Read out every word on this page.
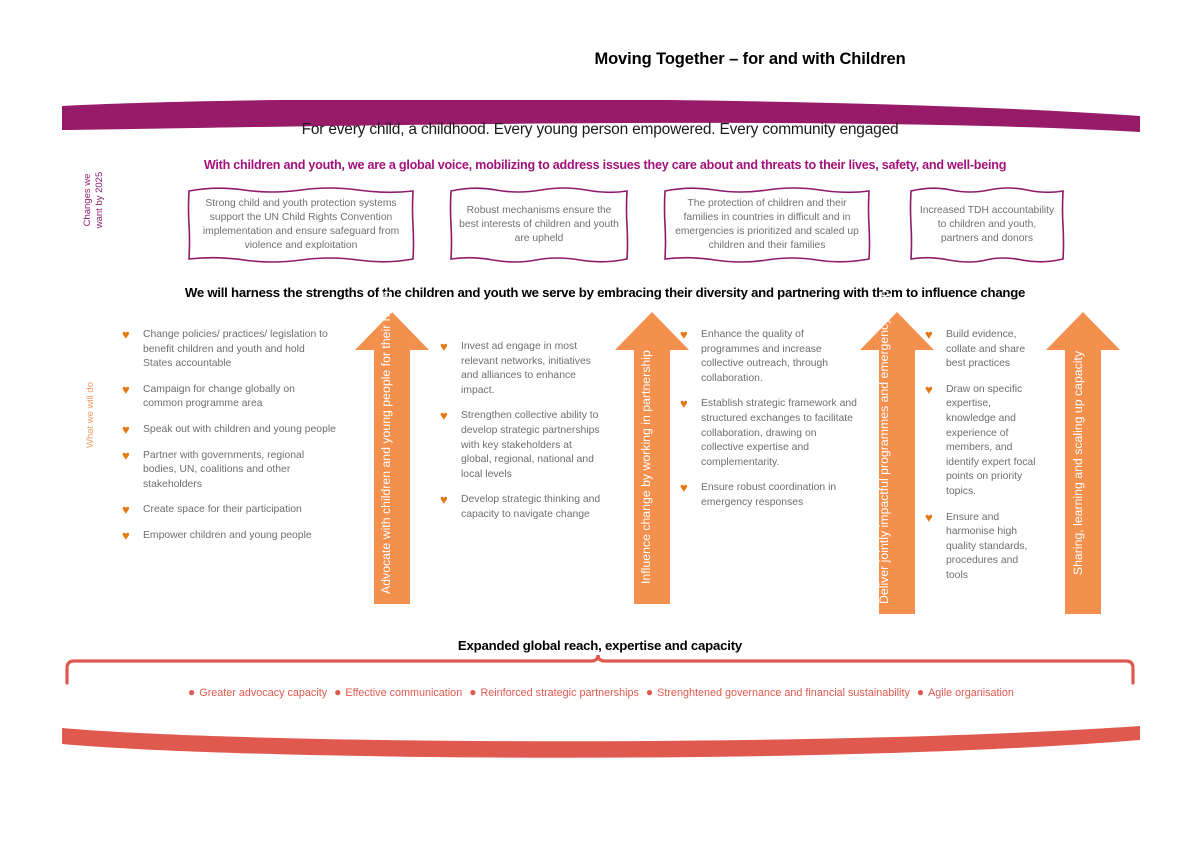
Moving Together – for and with Children
For every child, a childhood. Every young person empowered. Every community engaged
Changes we
want by 2025
With children and youth, we are a global voice, mobilizing to address issues they care about and threats to their lives, safety, and well-being
Strong child and youth protection systems support the UN Child Rights Convention implementation and ensure safeguard from violence and exploitation
Robust mechanisms ensure the best interests of children and youth are upheld
The protection of children and their families in countries in difficult and in emergencies is prioritized and scaled up children and their families
Increased TDH accountability to children and youth, partners and donors
We will harness the strengths of the children and youth we serve by embracing their diversity and partnering with them to influence change
What we will do
♥	Change policies/ practices/ legislation to benefit children and youth and hold States accountable
♥	Campaign for change globally on common programme area
♥	Speak out with children and young people
♥	Partner with governments, regional bodies, UN, coalitions and other stakeholders
♥	Create space for their participation
♥	Empower children and young people	Advocate with children and young people for their rights	♥	Invest ad engage in most relevant networks, initiatives and alliances to enhance impact.
♥	Strengthen collective ability to develop strategic partnerships with key stakeholders at global, regional, national and local levels
♥	Develop strategic thinking and capacity to navigate change	Influence change by working in partnership
♥	Enhance the quality of programmes and increase collective outreach, through collaboration.
♥	Establish strategic framework and structured exchanges to facilitate collaboration, drawing on collective expertise and complementarity.
♥	Ensure robust coordination in emergency responses	Deliver jointly impactful programmes and emergency responses	♥	Build evidence, collate and share best practices
♥	Draw on specific expertise, knowledge and experience of members, and identify expert focal points on priority topics.
♥	Ensure and harmonise high quality standards, procedures and tools
Sharing, learning and scaling up capacity
Expanded global reach, expertise and capacity
● Greater advocacy capacity ● Effective communication ● Reinforced strategic partnerships ● Strenghtened governance and financial sustainability ● Agile organisation
